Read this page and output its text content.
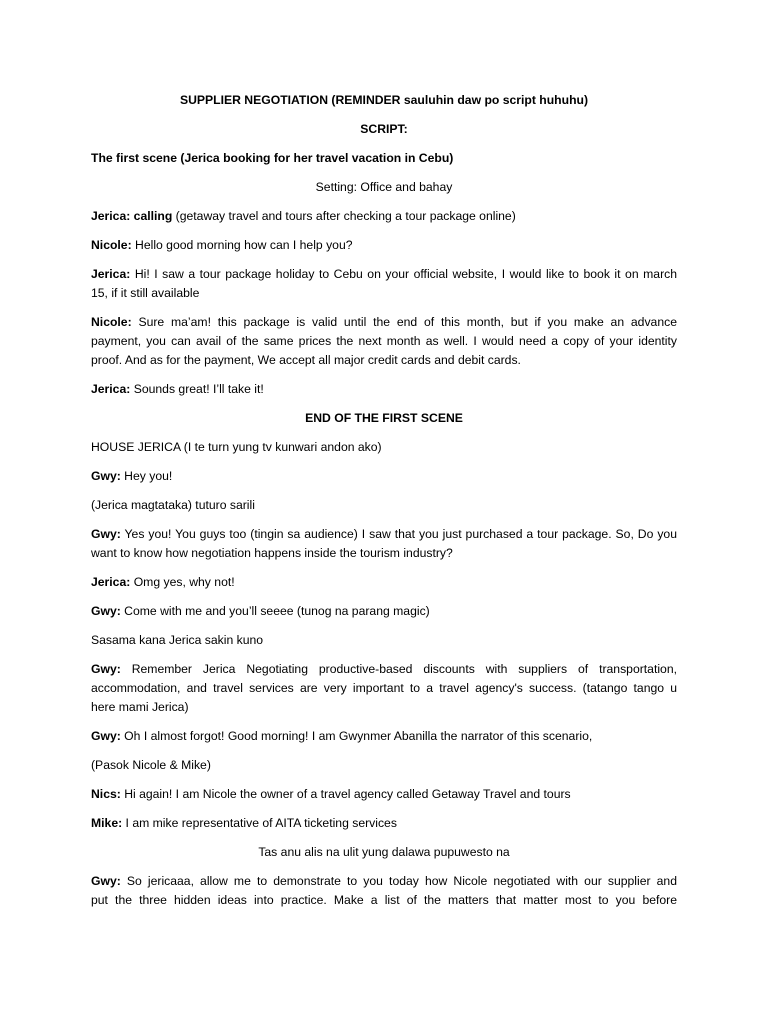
SUPPLIER NEGOTIATION (REMINDER sauluhin daw po script huhuhu)

SCRIPT:

The first scene (Jerica booking for her travel vacation in Cebu)

Setting: Office and bahay

Jerica: calling (getaway travel and tours after checking a tour package online)

Nicole: Hello good morning how can I help you?

Jerica: Hi! I saw a tour package holiday to Cebu on your official website, I would like to book it on march
15, if it still available
Nicole: Sure ma’am! this package is valid until the end of this month, but if you make an advance
payment, you can avail of the same prices the next month as well. I would need a copy of your identity
proof. And as for the payment, We accept all major credit cards and debit cards.

Jerica: Sounds great! I’ll take it!

END OF THE FIRST SCENE

HOUSE JERICA (I te turn yung tv kunwari andon ako)

Gwy: Hey you!

(Jerica magtataka) tuturo sarili

Gwy: Yes you! You guys too (tingin sa audience) I saw that you just purchased a tour package. So, Do you
want to know how negotiation happens inside the tourism industry?

Jerica: Omg yes, why not!

Gwy: Come with me and you’ll seeee (tunog na parang magic)

Sasama kana Jerica sakin kuno

Gwy: Remember Jerica Negotiating productive-based discounts with suppliers of transportation,
accommodation, and travel services are very important to a travel agency's success. (tatango tango u
here mami Jerica)

Gwy: Oh I almost forgot! Good morning! I am Gwynmer Abanilla the narrator of this scenario,

(Pasok Nicole & Mike)

Nics: Hi again! I am Nicole the owner of a travel agency called Getaway Travel and tours

Mike: I am mike representative of AITA ticketing services

Tas anu alis na ulit yung dalawa pupuwesto na

Gwy: So jericaaa, allow me to demonstrate to you today how Nicole negotiated with our supplier and
put the three hidden ideas into practice. Make a list of the matters that matter most to you before
